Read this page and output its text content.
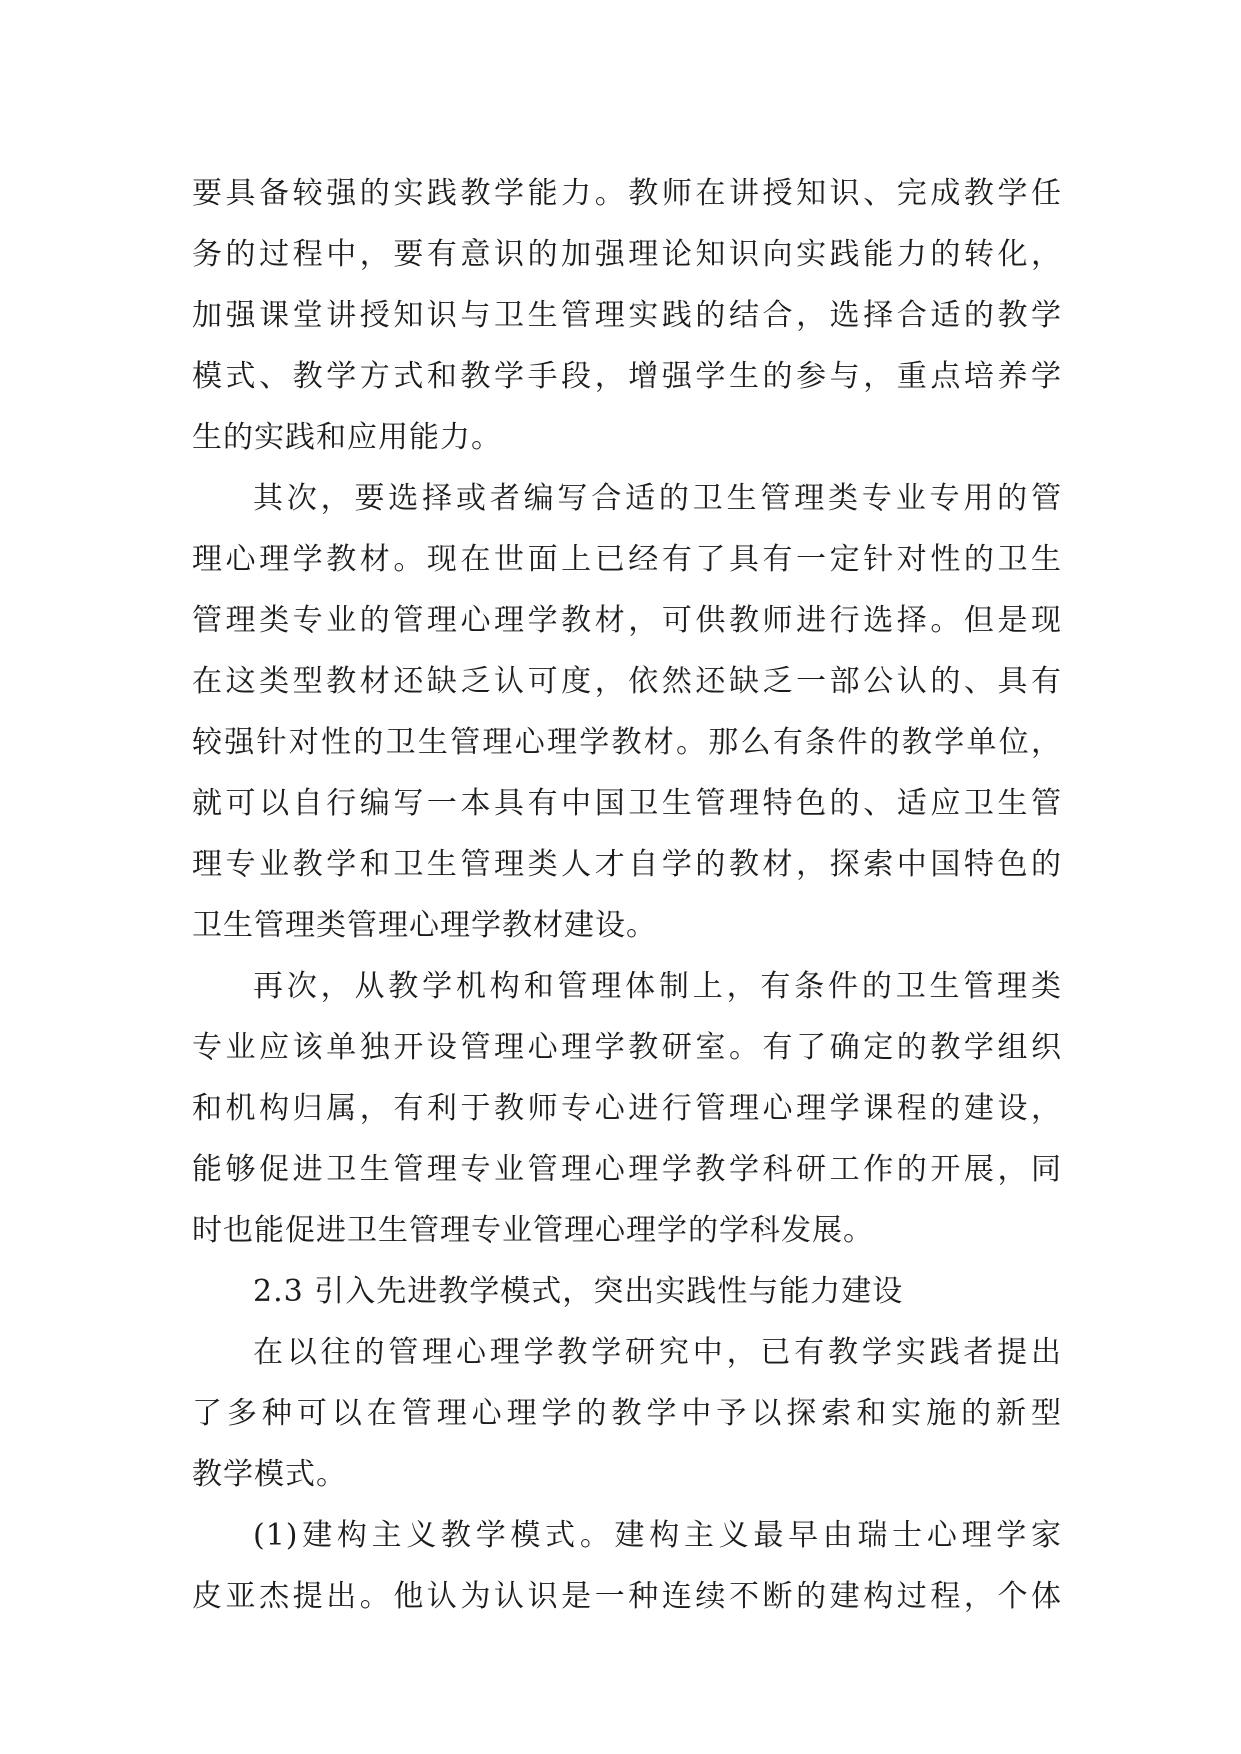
要具备较强的实践教学能力。教师在讲授知识、完成教学任
务的过程中，要有意识的加强理论知识向实践能力的转化，
加强课堂讲授知识与卫生管理实践的结合，选择合适的教学
模式、教学方式和教学手段，增强学生的参与，重点培养学
生的实践和应用能力。
其次，要选择或者编写合适的卫生管理类专业专用的管
理心理学教材。现在世面上已经有了具有一定针对性的卫生
管理类专业的管理心理学教材，可供教师进行选择。但是现
在这类型教材还缺乏认可度，依然还缺乏一部公认的、具有
较强针对性的卫生管理心理学教材。那么有条件的教学单位，
就可以自行编写一本具有中国卫生管理特色的、适应卫生管
理专业教学和卫生管理类人才自学的教材，探索中国特色的
卫生管理类管理心理学教材建设。
再次，从教学机构和管理体制上，有条件的卫生管理类
专业应该单独开设管理心理学教研室。有了确定的教学组织
和机构归属，有利于教师专心进行管理心理学课程的建设，
能够促进卫生管理专业管理心理学教学科研工作的开展，同
时也能促进卫生管理专业管理心理学的学科发展。
2.3 引入先进教学模式，突出实践性与能力建设
在以往的管理心理学教学研究中，已有教学实践者提出
了多种可以在管理心理学的教学中予以探索和实施的新型
教学模式。
(1)建构主义教学模式。建构主义最早由瑞士心理学家
皮亚杰提出。他认为认识是一种连续不断的建构过程，个体
